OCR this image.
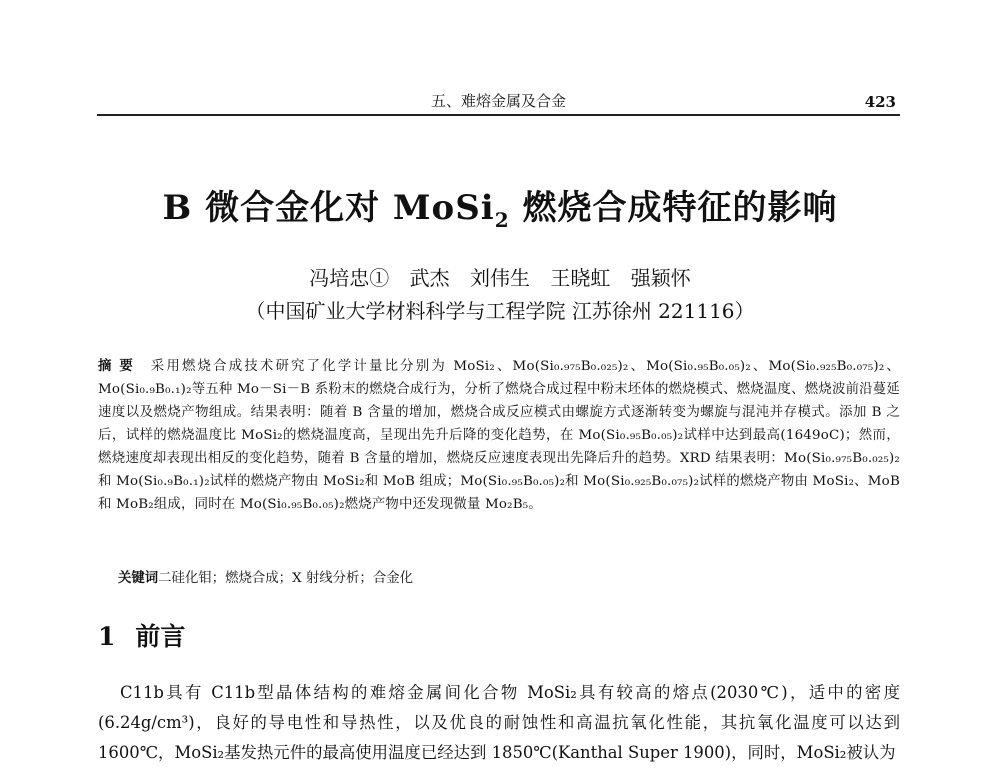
五、难熔金属及合金	423
B 微合金化对 MoSi$_2$ 燃烧合成特征的影响
冯培忠① 武杰 刘伟生 王晓虹 强颖怀
（中国矿业大学材料科学与工程学院 江苏徐州 221116）
摘要 采用燃烧合成技术研究了化学计量比分别为 MoSi₂、Mo(Si₀.₉₇₅B₀.₀₂₅)₂、Mo(Si₀.₉₅B₀.₀₅)₂、Mo(Si₀.₉₂₅B₀.₀₇₅)₂、Mo(Si₀.₉B₀.₁)₂等五种 Mo－Si－B 系粉末的燃烧合成行为，分析了燃烧合成过程中粉末坯体的燃烧模式、燃烧温度、燃烧波前沿蔓延速度以及燃烧产物组成。结果表明：随着 B 含量的增加，燃烧合成反应模式由螺旋方式逐渐转变为螺旋与混沌并存模式。添加 B 之后，试样的燃烧温度比 MoSi₂的燃烧温度高，呈现出先升后降的变化趋势，在 Mo(Si₀.₉₅B₀.₀₅)₂试样中达到最高(1649oC)；然而，燃烧速度却表现出相反的变化趋势，随着 B 含量的增加，燃烧反应速度表现出先降后升的趋势。XRD 结果表明：Mo(Si₀.₉₇₅B₀.₀₂₅)₂和 Mo(Si₀.₉B₀.₁)₂试样的燃烧产物由 MoSi₂和 MoB 组成；Mo(Si₀.₉₅B₀.₀₅)₂和 Mo(Si₀.₉₂₅B₀.₀₇₅)₂试样的燃烧产物由 MoSi₂、MoB 和 MoB₂组成，同时在 Mo(Si₀.₉₅B₀.₀₅)₂燃烧产物中还发现微量 Mo₂B₅。
关键词二硅化钼；燃烧合成；X 射线分析；合金化
1 前言
C11b具有 C11b型晶体结构的难熔金属间化合物 MoSi₂具有较高的熔点(2030℃)，适中的密度(6.24g/cm³)，良好的导电性和导热性，以及优良的耐蚀性和高温抗氧化性能，其抗氧化温度可以达到 1600℃，MoSi₂基发热元件的最高使用温度已经达到 1850℃(Kanthal Super 1900)，同时，MoSi₂被认为
